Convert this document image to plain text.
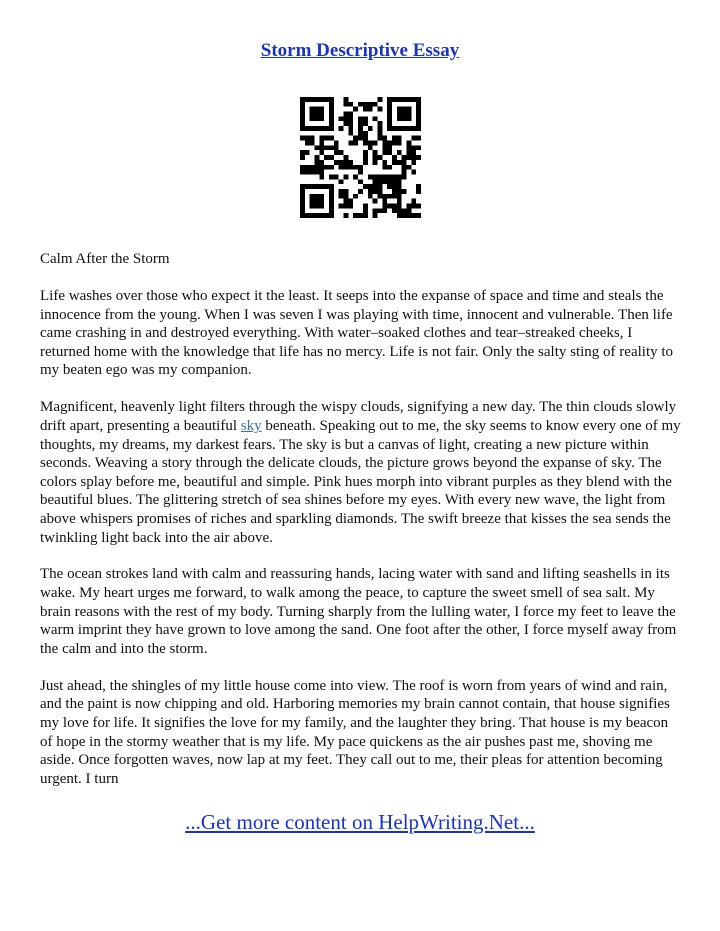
Storm Descriptive Essay

Calm After the Storm

Life washes over those who expect it the least. It seeps into the expanse of space and time and steals the innocence from the young. When I was seven I was playing with time, innocent and vulnerable. Then life came crashing in and destroyed everything. With water–soaked clothes and tear–streaked cheeks, I returned home with the knowledge that life has no mercy. Life is not fair. Only the salty sting of reality to my beaten ego was my companion.

Magnificent, heavenly light filters through the wispy clouds, signifying a new day. The thin clouds slowly drift apart, presenting a beautiful sky beneath. Speaking out to me, the sky seems to know every one of my thoughts, my dreams, my darkest fears. The sky is but a canvas of light, creating a new picture within seconds. Weaving a story through the delicate clouds, the picture grows beyond the expanse of sky. The colors splay before me, beautiful and simple. Pink hues morph into vibrant purples as they blend with the beautiful blues. The glittering stretch of sea shines before my eyes. With every new wave, the light from above whispers promises of riches and sparkling diamonds. The swift breeze that kisses the sea sends the twinkling light back into the air above.

The ocean strokes land with calm and reassuring hands, lacing water with sand and lifting seashells in its wake. My heart urges me forward, to walk among the peace, to capture the sweet smell of sea salt. My brain reasons with the rest of my body. Turning sharply from the lulling water, I force my feet to leave the warm imprint they have grown to love among the sand. One foot after the other, I force myself away from the calm and into the storm.

Just ahead, the shingles of my little house come into view. The roof is worn from years of wind and rain, and the paint is now chipping and old. Harboring memories my brain cannot contain, that house signifies my love for life. It signifies the love for my family, and the laughter they bring. That house is my beacon of hope in the stormy weather that is my life. My pace quickens as the air pushes past me, shoving me aside. Once forgotten waves, now lap at my feet. They call out to me, their pleas for attention becoming urgent. I turn

...Get more content on HelpWriting.Net...
